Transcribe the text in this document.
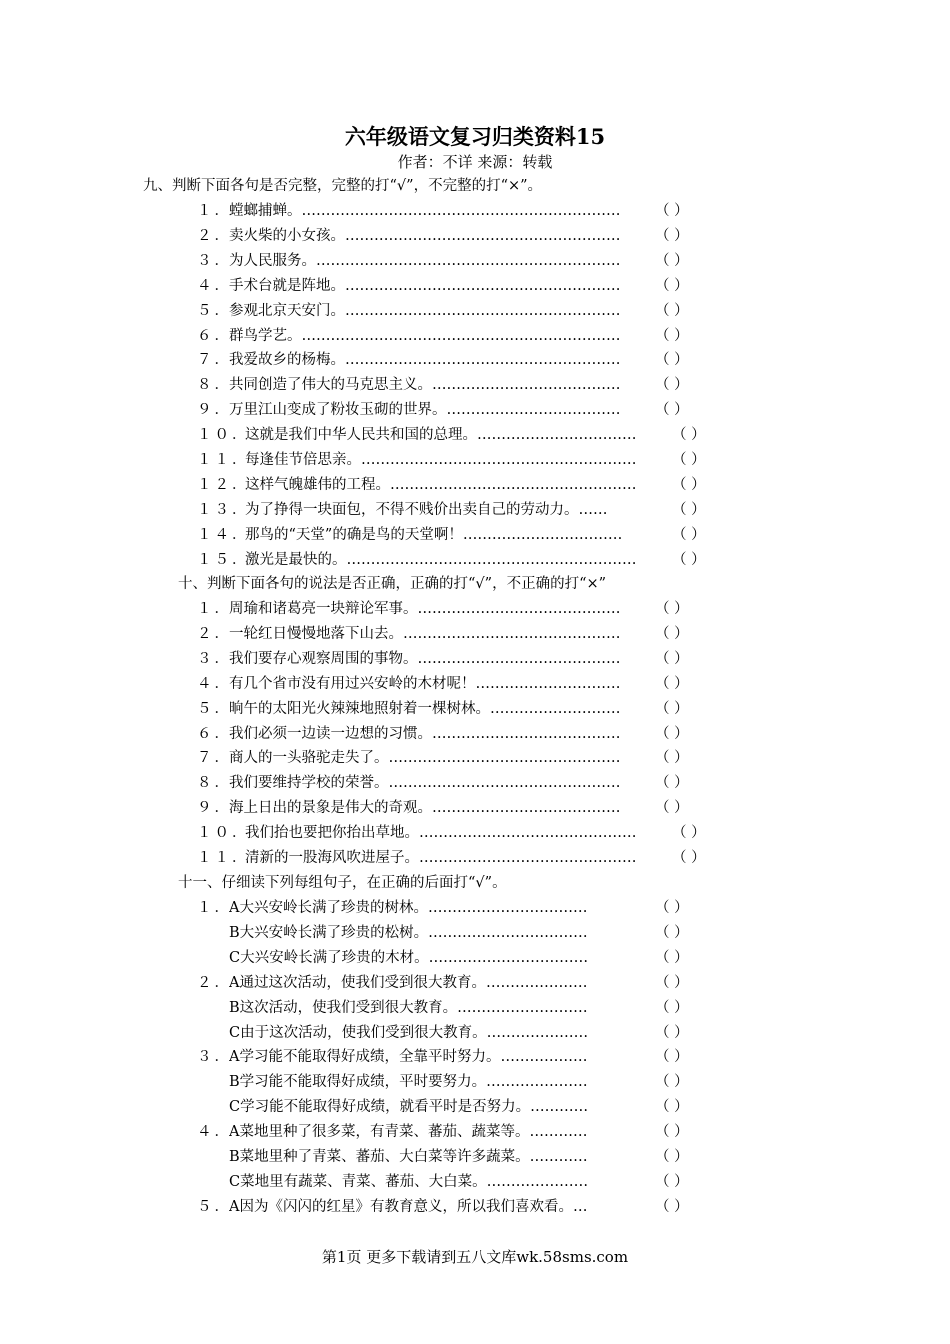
六年级语文复习归类资料15
作者：不详 来源：转载
九、判断下面各句是否完整，完整的打“√”，不完整的打“×”。
１．
螳螂捕蝉。………………………………………………………… （ ）
２．
卖火柴的小女孩。………………………………………………… （ ）
３．
为人民服务。……………………………………………………… （ ）
４．
手术台就是阵地。………………………………………………… （ ）
５．
参观北京天安门。………………………………………………… （ ）
６．
群鸟学艺。………………………………………………………… （ ）
７．
我爱故乡的杨梅。………………………………………………… （ ）
８．
共同创造了伟大的马克思主义。………………………………… （ ）
９．
万里江山变成了粉妆玉砌的世界。……………………………… （ ）
１０．
这就是我们中华人民共和国的总理。…………………………… （ ）
１１．
每逢佳节倍思亲。………………………………………………… （ ）
１２．
这样气魄雄伟的工程。…………………………………………… （ ）
１３．
为了挣得一块面包，不得不贱价出卖自己的劳动力。……	（ ）
１４．
那鸟的“天堂”的确是鸟的天堂啊！……………………………	（ ）
１５．
激光是最快的。…………………………………………………… （ ）
十、判断下面各句的说法是否正确，正确的打“√”，不正确的打“×”
１．
周瑜和诸葛亮一块辩论军事。…………………………………… （ ）
２．
一轮红日慢慢地落下山去。……………………………………… （ ）
３．
我们要存心观察周围的事物。…………………………………… （ ）
４．
有几个省市没有用过兴安岭的木材呢！………………………… （ ）
５．
晌午的太阳光火辣辣地照射着一棵树林。……………………… （ ）
６．
我们必须一边读一边想的习惯。………………………………… （ ）
７．
商人的一头骆驼走失了。………………………………………… （ ）
８．
我们要维持学校的荣誉。………………………………………… （ ）
９．
海上日出的景象是伟大的奇观。………………………………… （ ）
１０．
我们抬也要把你抬出草地。……………………………………… （ ）
１１．
清新的一股海风吹进屋子。……………………………………… （ ）
十一、仔细读下列每组句子，在正确的后面打“√”。
１．
A大兴安岭长满了珍贵的树林。……………………………	（ ）
B大兴安岭长满了珍贵的松树。……………………………	（ ）
C大兴安岭长满了珍贵的木材。……………………………	（ ）
２．
A通过这次活动，使我们受到很大教育。…………………	（ ）
B这次活动，使我们受到很大教育。………………………	（ ）
C由于这次活动，使我们受到很大教育。…………………	（ ）
３．
A学习能不能取得好成绩，全靠平时努力。………………	（ ）
B学习能不能取得好成绩，平时要努力。…………………	（ ）
C学习能不能取得好成绩，就看平时是否努力。…………	（ ）
４．
A菜地里种了很多菜，有青菜、蕃茄、蔬菜等。…………	（ ）
B菜地里种了青菜、蕃茄、大白菜等许多蔬菜。…………	（ ）
C菜地里有蔬菜、青菜、蕃茄、大白菜。…………………	（ ）
５．
A因为《闪闪的红星》有教育意义，所以我们喜欢看。…	（ ）
第1页 更多下载请到五八文库wk.58sms.com
